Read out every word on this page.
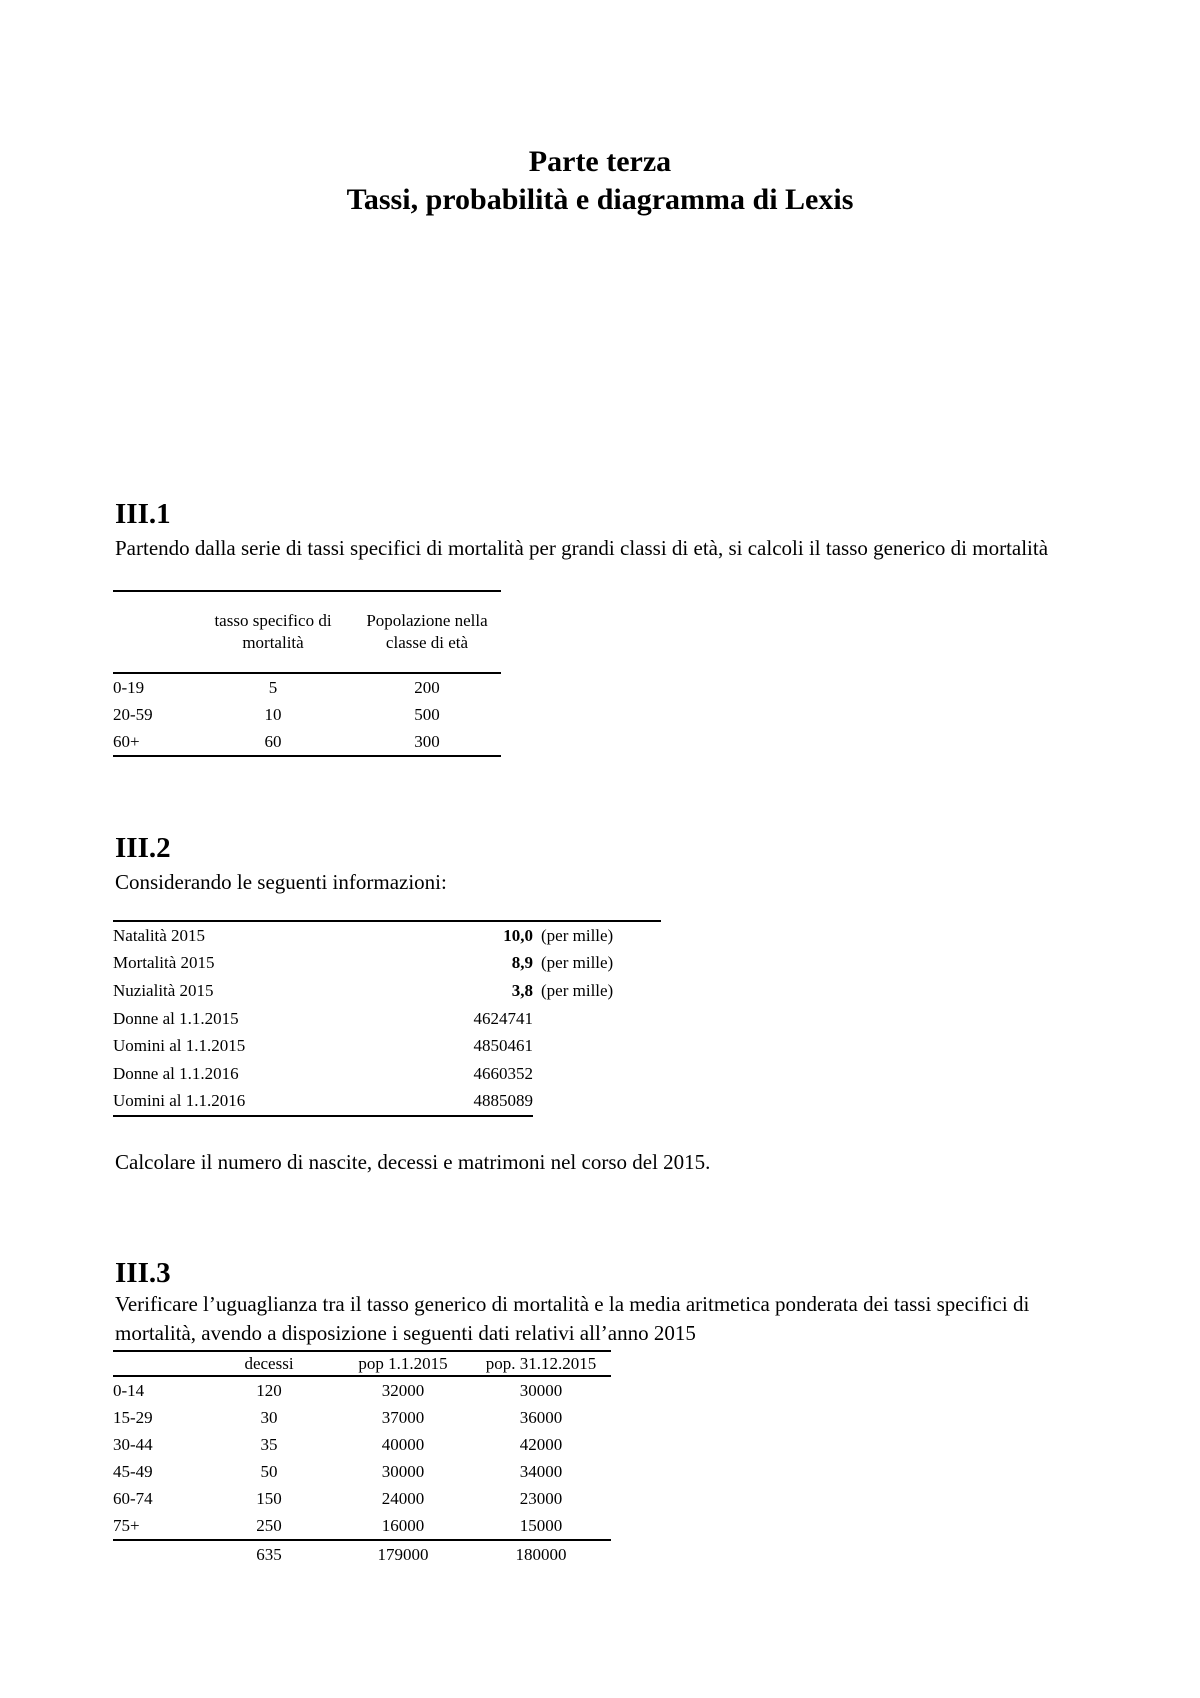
Parte terza
Tassi, probabilità e diagramma di Lexis
III.1
Partendo dalla serie di tassi specifici di mortalità per grandi classi di età, si calcoli il tasso generico di mortalità
	tasso specifico di mortalità	Popolazione nella classe di età
0-19	5	200
20-59	10	500
60+	60	300
III.2
Considerando le seguenti informazioni:
Natalità 2015	10,0	(per mille)
Mortalità 2015	8,9	(per mille)
Nuzialità 2015	3,8	(per mille)
Donne al 1.1.2015	4624741	
Uomini al 1.1.2015	4850461	
Donne al 1.1.2016	4660352	
Uomini al 1.1.2016	4885089	
Calcolare il numero di nascite, decessi e matrimoni nel corso del 2015.
III.3
Verificare l’uguaglianza tra il tasso generico di mortalità e la media aritmetica ponderata dei tassi specifici di mortalità, avendo a disposizione i seguenti dati relativi all’anno 2015
	decessi	pop 1.1.2015	pop. 31.12.2015
0-14	120	32000	30000
15-29	30	37000	36000
30-44	35	40000	42000
45-49	50	30000	34000
60-74	150	24000	23000
75+	250	16000	15000
	635	179000	180000
